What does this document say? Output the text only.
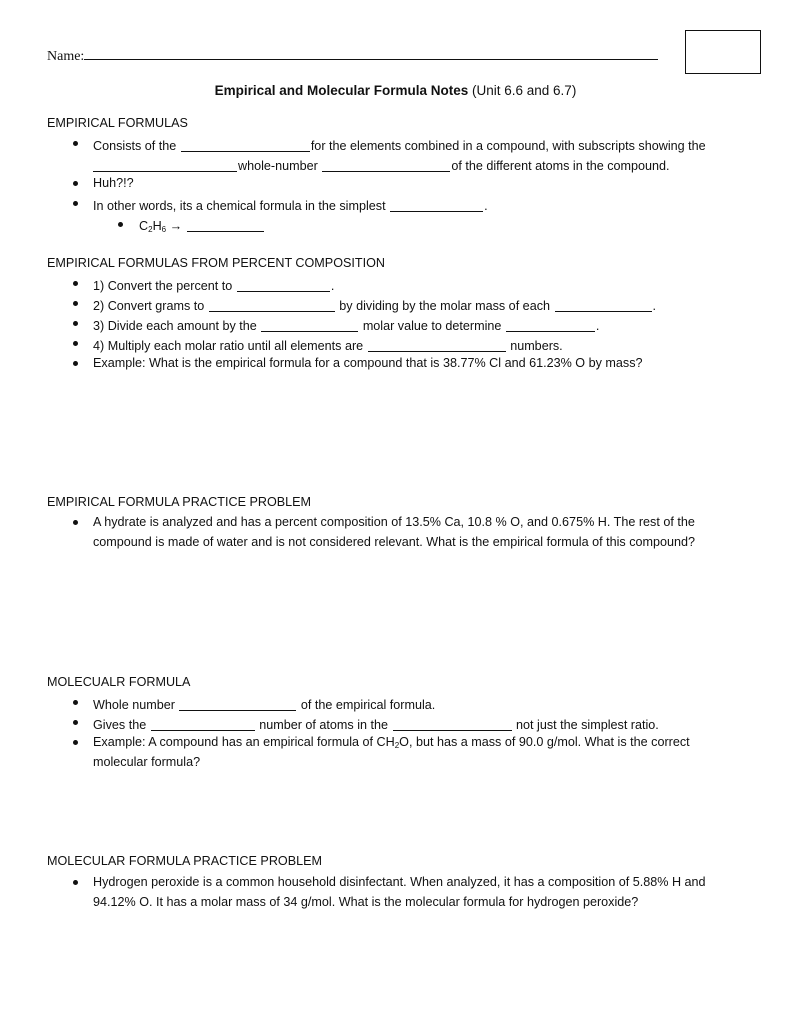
Name:
Empirical and Molecular Formula Notes (Unit 6.6 and 6.7)
EMPIRICAL FORMULAS
Consists of the	for the elements combined in a compound, with subscripts showing the
whole-number	of the different atoms in the compound.
Huh?!?
In other words, its a chemical formula in the simplest	.
$C_2H_6$ →
EMPIRICAL FORMULAS FROM PERCENT COMPOSITION
1) Convert the percent to	.
2) Convert grams to	by dividing by the molar mass of each	.
3) Divide each amount by the	molar value to determine	.
4) Multiply each molar ratio until all elements are	numbers.
Example: What is the empirical formula for a compound that is 38.77% Cl and 61.23% O by mass?
EMPIRICAL FORMULA PRACTICE PROBLEM
A hydrate is analyzed and has a percent composition of 13.5% Ca, 10.8 % O, and 0.675% H. The rest of the
compound is made of water and is not considered relevant. What is the empirical formula of this compound?
MOLECUALR FORMULA
Whole number	of the empirical formula.
Gives the	number of atoms in the	not just the simplest ratio.
Example: A compound has an empirical formula of $CH_2O$, but has a mass of 90.0 g/mol. What is the correct
molecular formula?
MOLECULAR FORMULA PRACTICE PROBLEM
Hydrogen peroxide is a common household disinfectant. When analyzed, it has a composition of 5.88% H and
94.12% O. It has a molar mass of 34 g/mol. What is the molecular formula for hydrogen peroxide?
